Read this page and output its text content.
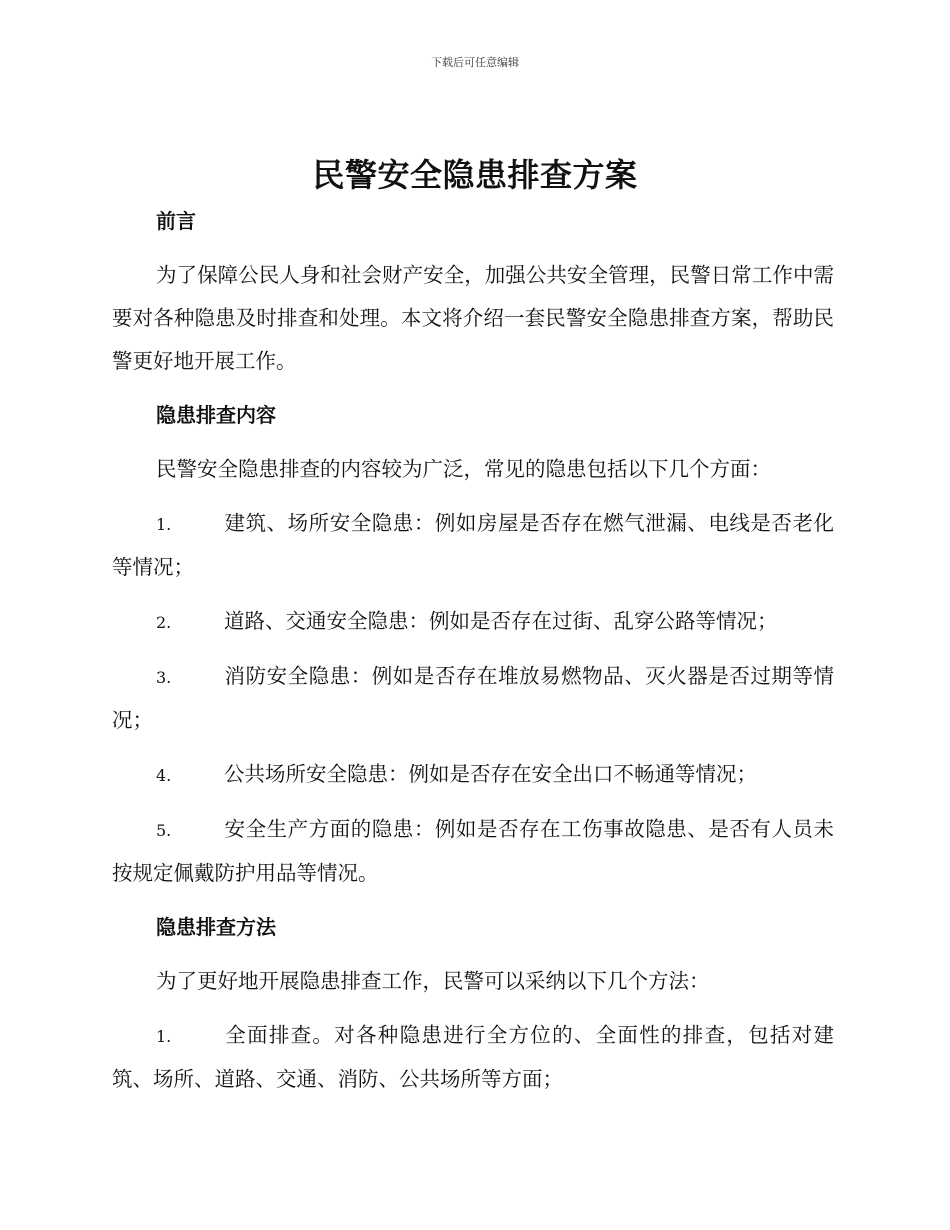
下载后可任意编辑
民警安全隐患排查方案
前言
为了保障公民人身和社会财产安全，加强公共安全管理，民警日常工作中需要对各种隐患及时排查和处理。本文将介绍一套民警安全隐患排查方案，帮助民警更好地开展工作。
隐患排查内容
民警安全隐患排查的内容较为广泛，常见的隐患包括以下几个方面：
1.	建筑、场所安全隐患：例如房屋是否存在燃气泄漏、电线是否老化等情况；
2.	道路、交通安全隐患：例如是否存在过街、乱穿公路等情况；
3.	消防安全隐患：例如是否存在堆放易燃物品、灭火器是否过期等情况；
4.	公共场所安全隐患：例如是否存在安全出口不畅通等情况；
5.	安全生产方面的隐患：例如是否存在工伤事故隐患、是否有人员未按规定佩戴防护用品等情况。
隐患排查方法
为了更好地开展隐患排查工作，民警可以采纳以下几个方法：
1.	全面排查。对各种隐患进行全方位的、全面性的排查，包括对建筑、场所、道路、交通、消防、公共场所等方面；
